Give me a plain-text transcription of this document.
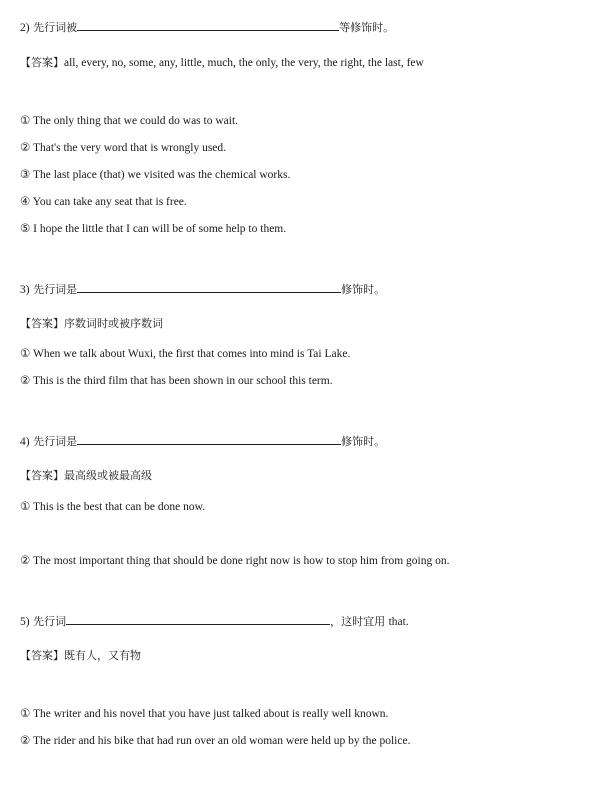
2) 先行词被	等修饰时。
【答案】all, every, no, some, any, little, much, the only, the very, the right, the last, few
① The only thing that we could do was to wait.
② That's the very word that is wrongly used.
③ The last place (that) we visited was the chemical works.
④ You can take any seat that is free.
⑤ I hope the little that I can will be of some help to them.
3) 先行词是	修饰时。
【答案】序数词时或被序数词
① When we talk about Wuxi, the first that comes into mind is Tai Lake.
② This is the third film that has been shown in our school this term.
4) 先行词是	修饰时。
【答案】最高级或被最高级
① This is the best that can be done now.
② The most important thing that should be done right now is how to stop him from going on.
5) 先行词	，这时宜用 that.
【答案】既有人，又有物
① The writer and his novel that you have just talked about is really well known.
② The rider and his bike that had run over an old woman were held up by the police.
